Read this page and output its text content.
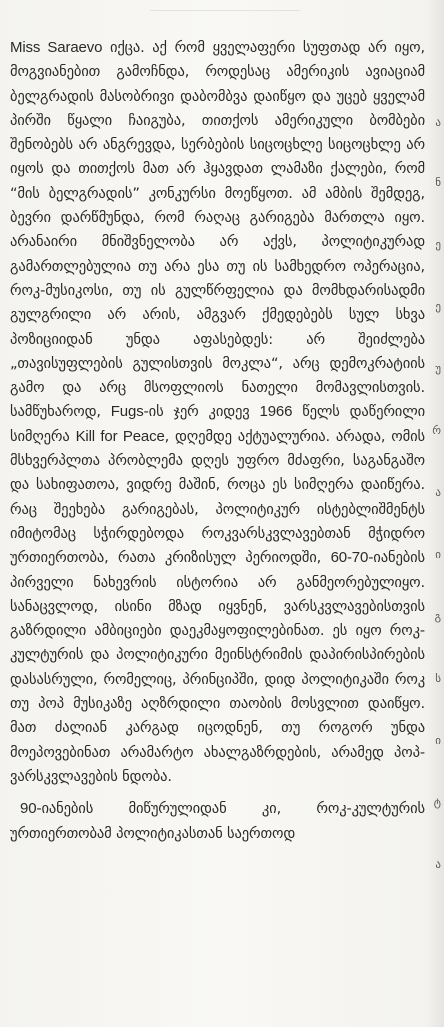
Miss Saraevo იქცა. აქ რომ ყველაფერი სუფთად არ იყო, მოგვიანებით გამოჩნდა, როდესაც ამერიკის ავიაციამ ბელგრადის მასობრივი დაბომბვა დაიწყო და უცებ ყველამ პირში წყალი ჩაიგუბა, თითქოს ამერიკული ბომბები შენობებს არ ანგრევდა, სერბების სიცოცხლე სიცოცხლე არ იყოს და თითქოს მათ არ ჰყავდათ ლამაზი ქალები, რომ “მის ბელგრადის” კონკურსი მოეწყოთ. ამ ამბის შემდეგ, ბევრი დარწმუნდა, რომ რაღაც გარიგება მართლა იყო. არანაირი მნიშვნელობა არ აქვს, პოლიტიკურად გამართლებულია თუ არა ესა თუ ის სამხედრო ოპერაცია, როკ-მუსიკოსი, თუ ის გულწრფელია და მომხდარისადმი გულგრილი არ არის, ამგვარ ქმედებებს სულ სხვა პოზიციიდან უნდა აფასებდეს: არ შეიძლება „თავისუფლების გულისთვის მოკლა“, არც დემოკრატიის გამო და არც მსოფლიოს ნათელი მომავლისთვის. სამწუხაროდ, Fugs-ის ჯერ კიდევ 1966 წელს დაწერილი სიმღერა Kill for Peace, დღემდე აქტუალურია. არადა, ომის მსხვერპლთა პრობლემა დღეს უფრო მძაფრი, საგანგაშო და სახიფათოა, ვიდრე მაშინ, როცა ეს სიმღერა დაიწერა. რაც შეეხება გარიგებას, პოლიტიკურ ისტებლიშმენტს იმიტომაც სჭირდებოდა როკვარსკვლავებთან მჭიდრო ურთიერთობა, რათა კრიზისულ პერიოდში, 60-70-იანების პირველი ნახევრის ისტორია არ განმეორებულიყო. სანაცვლოდ, ისინი მზად იყვნენ, ვარსკვლავებისთვის გაზრდილი ამბიციები დაეკმაყოფილებინათ. ეს იყო როკ-კულტურის და პოლიტიკური მეინსტრიმის დაპირისპირების დასასრული, რომელიც, პრინციპში, დიდ პოლიტიკაში როკ თუ პოპ მუსიკაზე აღზრდილი თაობის მოსვლით დაიწყო. მათ ძალიან კარგად იცოდნენ, თუ როგორ უნდა მოეპოვებინათ არამარტო ახალგაზრდების, არამედ პოპ-ვარსკვლავების ნდობა.

90-იანების მიწურულიდან კი, როკ-კულტურის ურთიერთობამ პოლიტიკასთან საერთოდ

ა
ნ
ე
ე
უ
რ
ა
ი
გ
ს
ი
ტ
ა
